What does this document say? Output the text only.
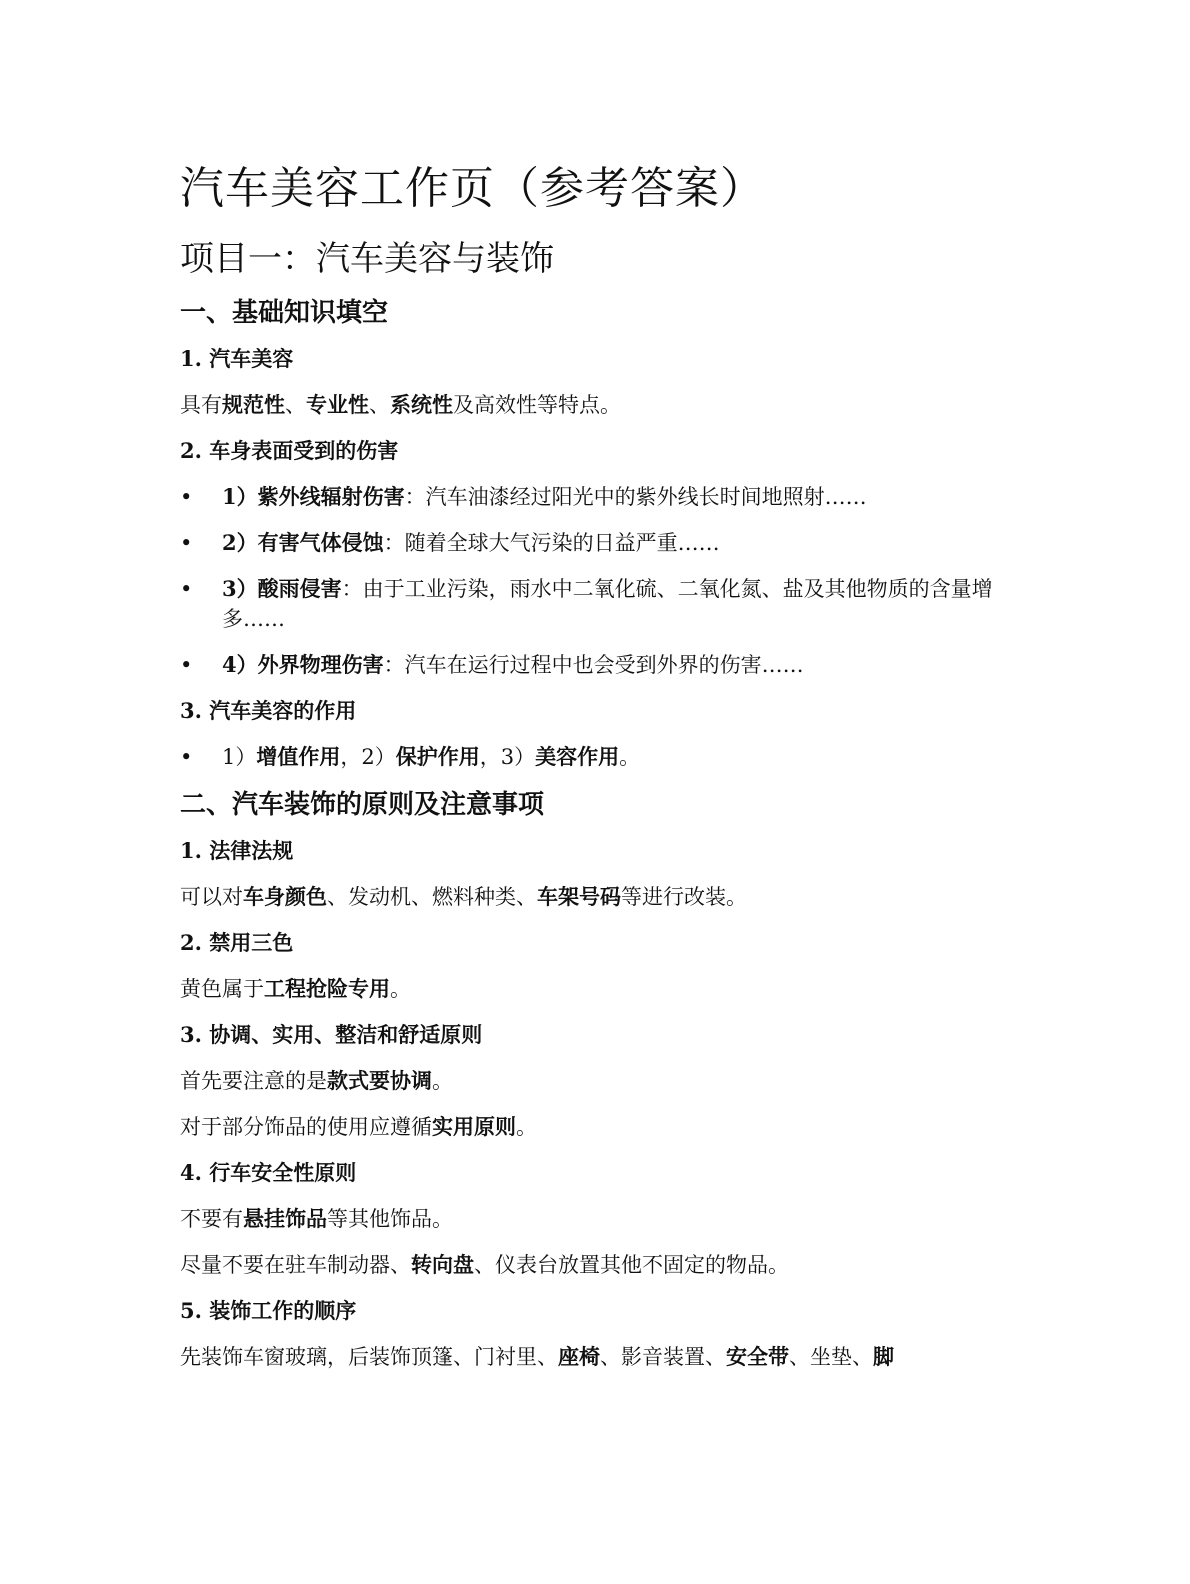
汽车美容工作页（参考答案）
项目一：汽车美容与装饰
一、基础知识填空
1. 汽车美容

具有规范性、专业性、系统性及高效性等特点。

2. 车身表面受到的伤害
• 1）紫外线辐射伤害：汽车油漆经过阳光中的紫外线长时间地照射……
• 2）有害气体侵蚀：随着全球大气污染的日益严重……
• 3）酸雨侵害：由于工业污染，雨水中二氧化硫、二氧化氮、盐及其他物质的含量增多……
• 4）外界物理伤害：汽车在运行过程中也会受到外界的伤害……
3. 汽车美容的作用
• 1）增值作用，2）保护作用，3）美容作用。
二、汽车装饰的原则及注意事项
1. 法律法规

可以对车身颜色、发动机、燃料种类、车架号码等进行改装。

2. 禁用三色

黄色属于工程抢险专用。

3. 协调、实用、整洁和舒适原则

首先要注意的是款式要协调。

对于部分饰品的使用应遵循实用原则。

4. 行车安全性原则

不要有悬挂饰品等其他饰品。

尽量不要在驻车制动器、转向盘、仪表台放置其他不固定的物品。

5. 装饰工作的顺序

先装饰车窗玻璃，后装饰顶篷、门衬里、座椅、影音装置、安全带、坐垫、脚
